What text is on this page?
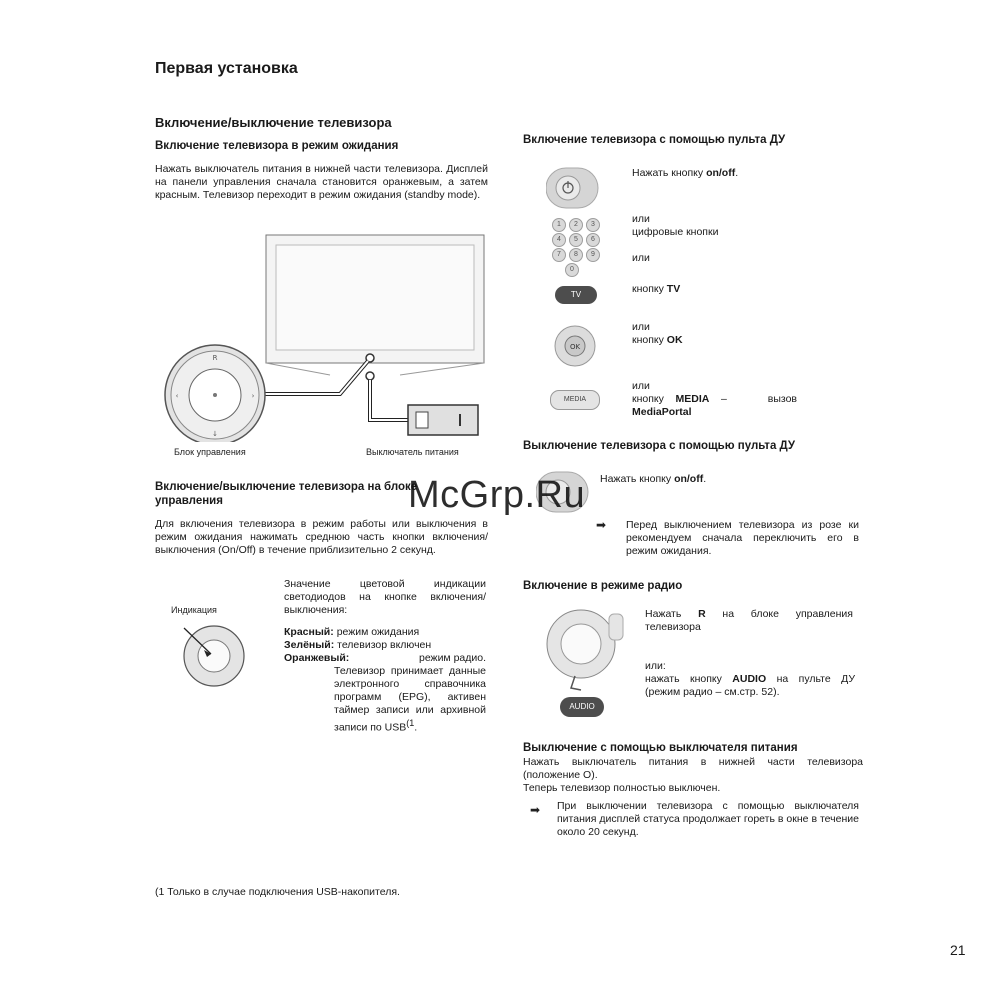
Первая установка
Включение/выключение телевизора
Включение телевизора в режим ожидания
Нажать выключатель питания в нижней части телевизора. Дисплей на панели управления сначала становится оранжевым, а затем красным. Телевизор переходит в режим ожидания (standby mode).
R
↓
‹	›
Блок управления	Выключатель питания
Включение/выключение телевизора на блоке управления
Для включения телевизора в режим работы или выключения в режим ожидания нажимать среднюю часть кнопки включения/выключения (On/Off) в течение приблизительно 2 секунд.
Индикация
Значение цветовой индикации светодиодов на кнопке включения/выключения:
Красный: режим ожидания
Зелёный: телевизор включен
Оранжевый:	режим радио.
Телевизор принимает данные электронного справочника программ (EPG), активен таймер записи или архивной записи по USB$^{(1}$.
(1 Только в случае подключения USB-накопителя.
Включение телевизора с помощью пульта ДУ
Нажать кнопку on/off.
1	2	3
4	5	6
7	8	9
0
или
цифровые кнопки
или
TV	кнопку TV
или
OK
кнопку OK
или
MEDIA	кнопку MEDIA – вызов
MediaPortal
Выключение телевизора с помощью пульта ДУ
Нажать кнопку on/off.
➡ Перед выключением телевизора из розе ки рекомендуем сначала переключить его в режим ожидания.
Включение в режиме радио
Нажать R на блоке управления телевизора
или:
нажать кнопку AUDIO на пульте ДУ (режим радио – см.стр. 52).
AUDIO
Выключение с помощью выключателя питания
Нажать выключатель питания в нижней части телевизора (положение О).
Теперь телевизор полностью выключен.
➡ При выключении телевизора с помощью выключателя питания дисплей статуса продолжает гореть в окне в течение около 20 секунд.
McGrp.Ru
21
